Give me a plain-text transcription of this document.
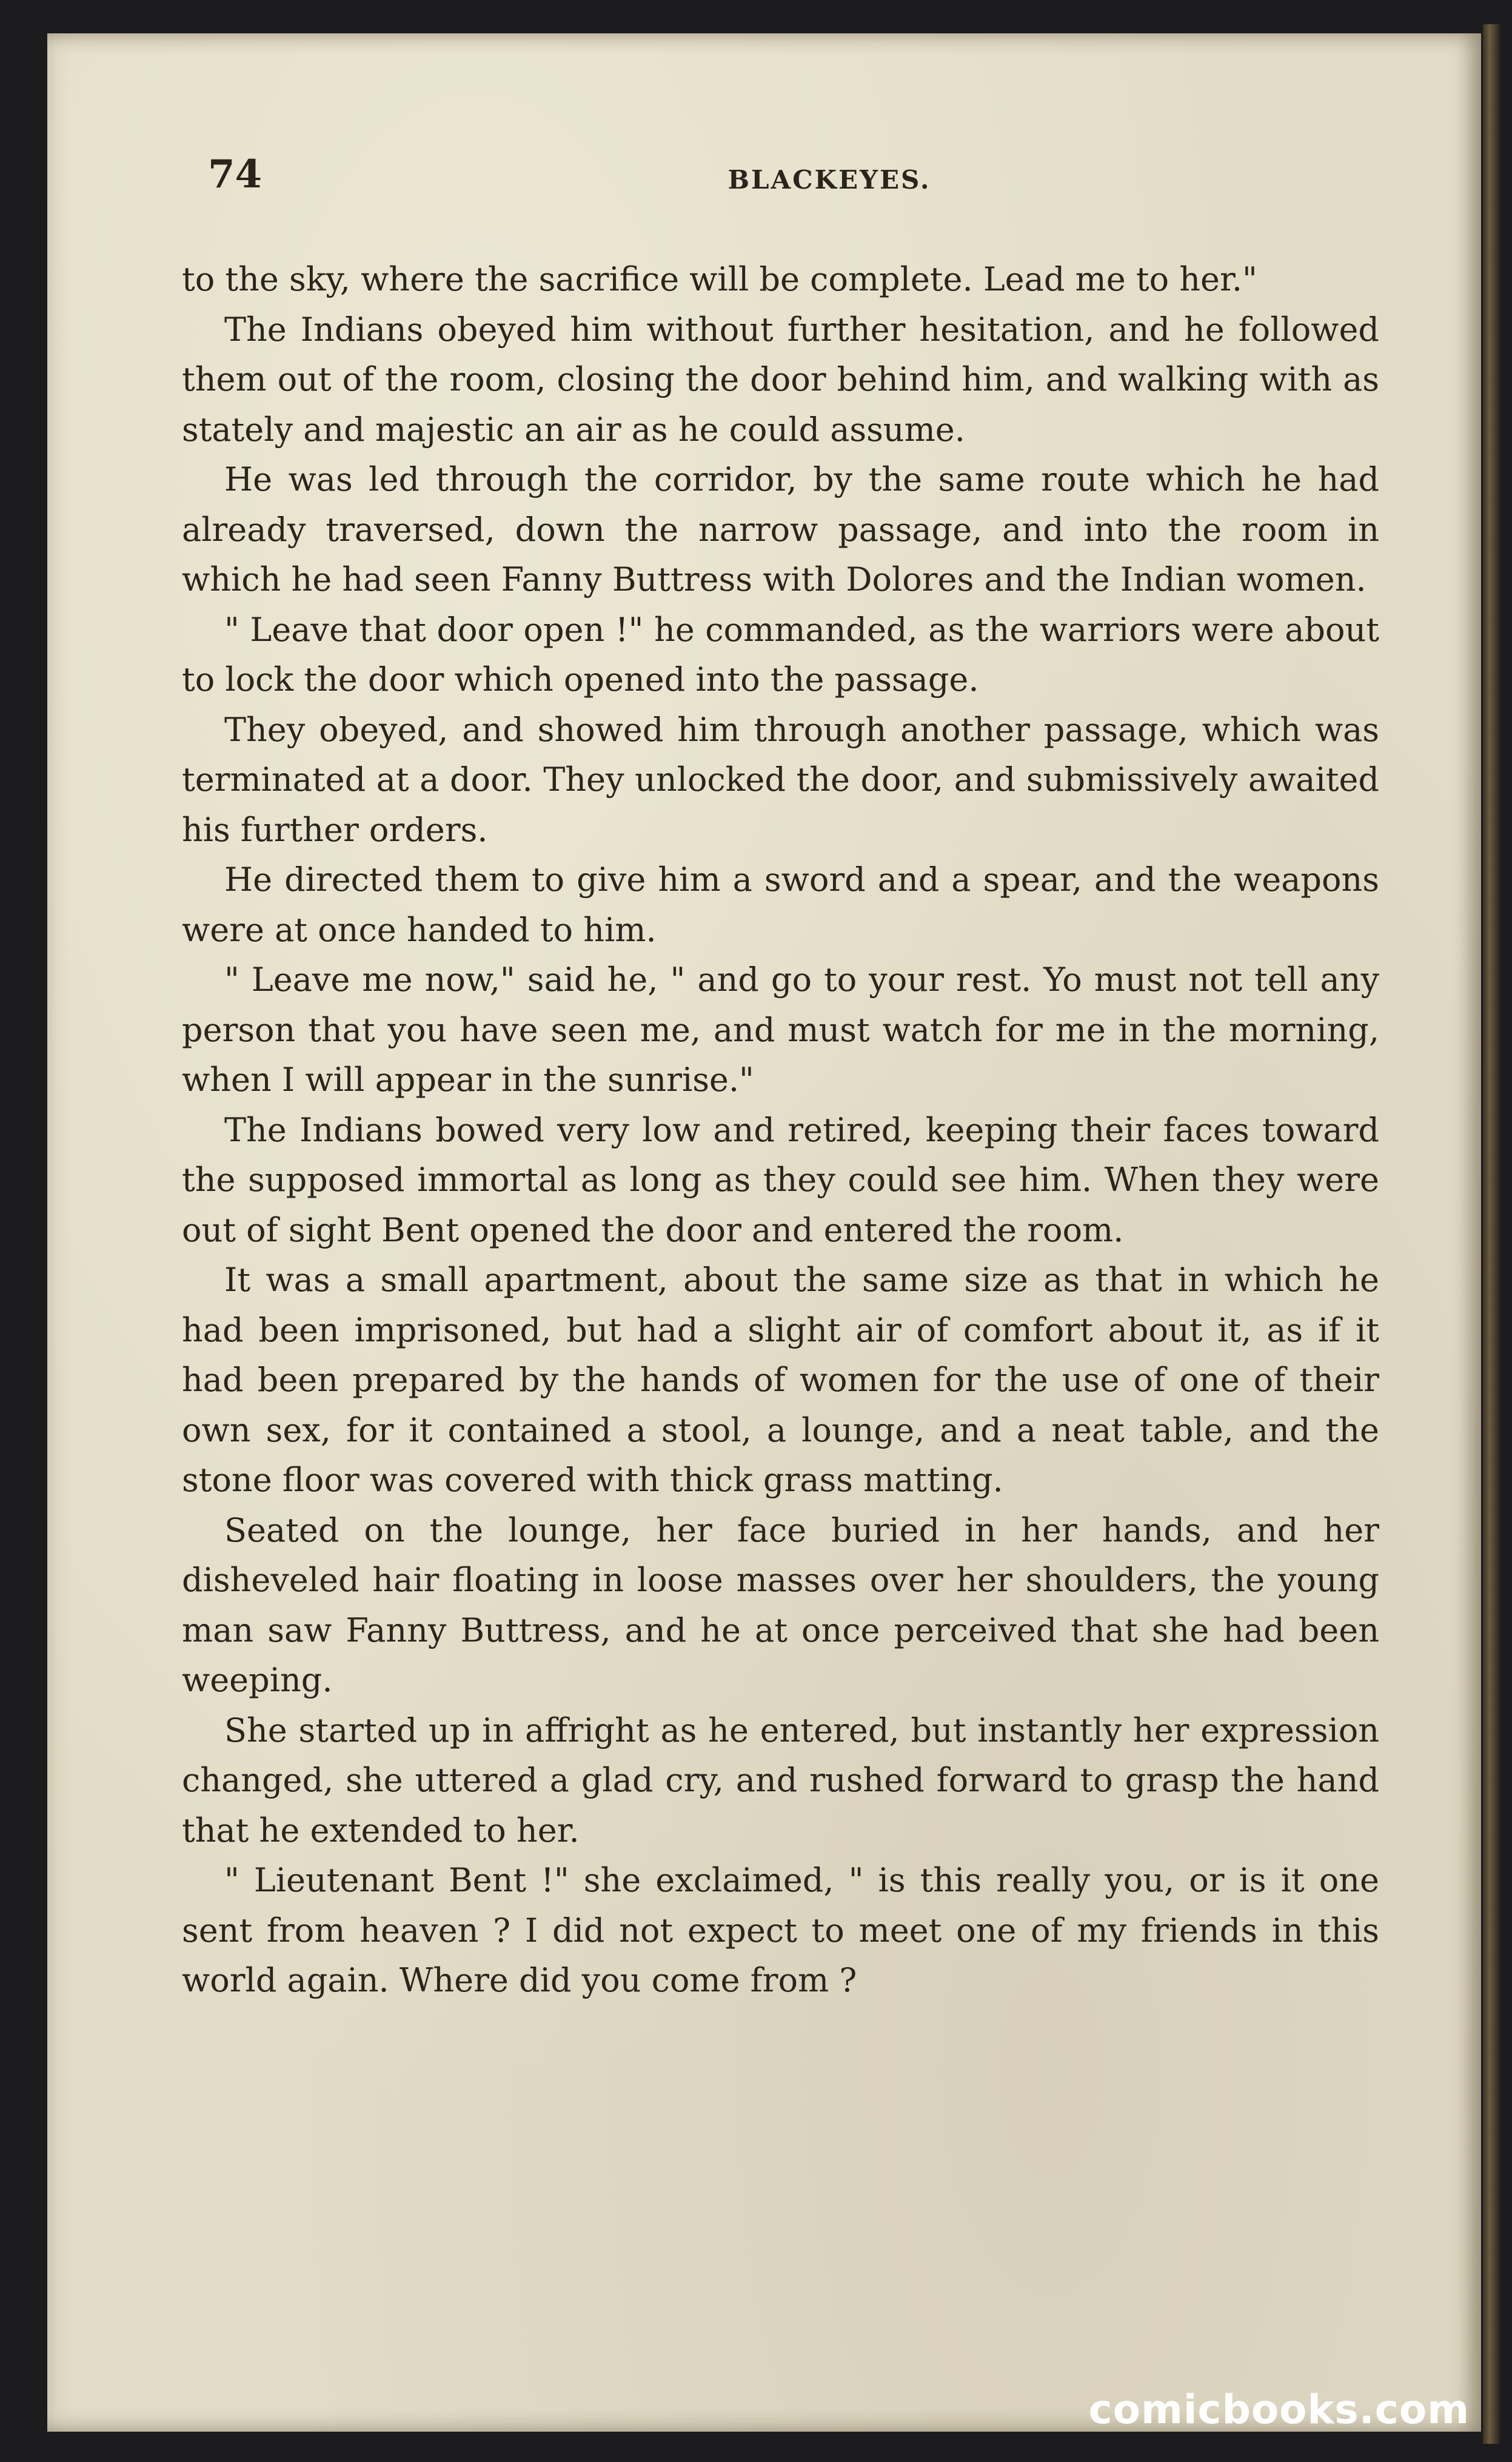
74	BLACKEYES.

to the sky, where the sacrifice will be complete. Lead me to her."

The Indians obeyed him without further hesitation, and he followed them out of the room, closing the door behind him, and walking with as stately and majestic an air as he could assume.

He was led through the corridor, by the same route which he had already traversed, down the narrow passage, and into the room in which he had seen Fanny Buttress with Dolores and the Indian women.

" Leave that door open !" he commanded, as the warriors were about to lock the door which opened into the passage.

They obeyed, and showed him through another passage, which was terminated at a door. They unlocked the door, and submissively awaited his further orders.

He directed them to give him a sword and a spear, and the weapons were at once handed to him.

" Leave me now," said he, " and go to your rest. Yo must not tell any person that you have seen me, and must watch for me in the morning, when I will appear in the sunrise."

The Indians bowed very low and retired, keeping their faces toward the supposed immortal as long as they could see him. When they were out of sight Bent opened the door and entered the room.

It was a small apartment, about the same size as that in which he had been imprisoned, but had a slight air of comfort about it, as if it had been prepared by the hands of women for the use of one of their own sex, for it contained a stool, a lounge, and a neat table, and the stone floor was covered with thick grass matting.

Seated on the lounge, her face buried in her hands, and her disheveled hair floating in loose masses over her shoulders, the young man saw Fanny Buttress, and he at once perceived that she had been weeping.

She started up in affright as he entered, but instantly her expression changed, she uttered a glad cry, and rushed forward to grasp the hand that he extended to her.

" Lieutenant Bent !" she exclaimed, " is this really you, or is it one sent from heaven ? I did not expect to meet one of my friends in this world again. Where did you come from ?

comicbooks.com
